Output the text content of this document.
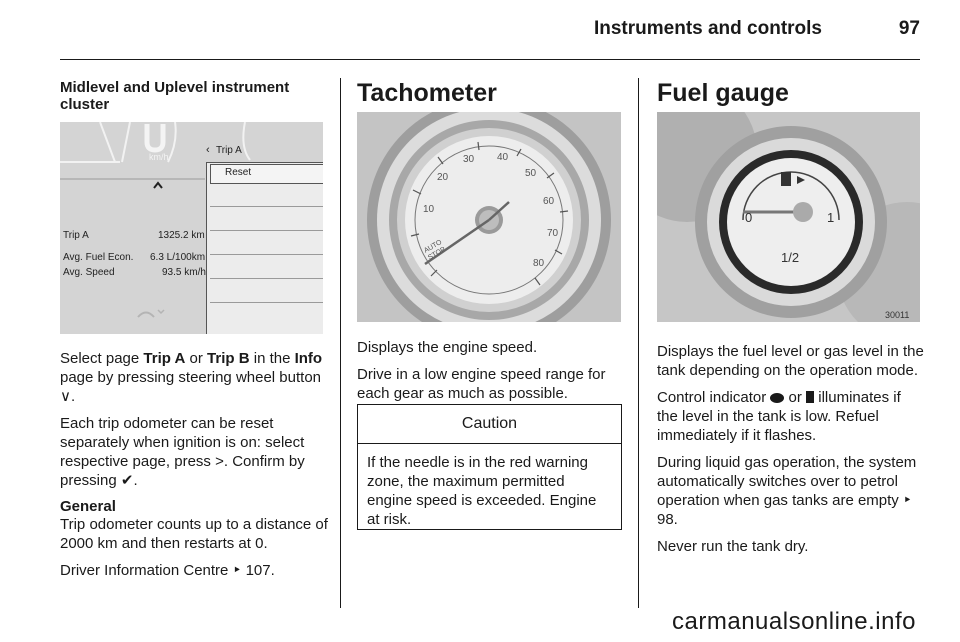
Instruments and controls	97
Midlevel and Uplevel instrument cluster
km/h
‹ Trip A
Reset
Trip A	1325.2 km
Avg. Fuel Econ. 6.3 L/100km
Avg. Speed	93.5 km/h

Select page Trip A or Trip B in the Info page by pressing steering wheel button ∨.

Each trip odometer can be reset separately when ignition is on: select respective page, press >. Confirm by pressing ✔.

General

Trip odometer counts up to a distance of 2000 km and then restarts at 0.

Driver Information Centre ‣ 107.

Tachometer
10
20
30 40
50
60
70
80
AUTO STOP

Displays the engine speed.

Drive in a low engine speed range for each gear as much as possible.

Caution
If the needle is in the red warning zone, the maximum permitted engine speed is exceeded. Engine at risk.
Fuel gauge
0	1
1/2
30011

Displays the fuel level or gas level in the tank depending on the operation mode.

Control indicator  or  illuminates if the level in the tank is low. Refuel immediately if it flashes.

During liquid gas operation, the system automatically switches over to petrol operation when gas tanks are empty ‣ 98.

Never run the tank dry.

carmanualsonline.info
